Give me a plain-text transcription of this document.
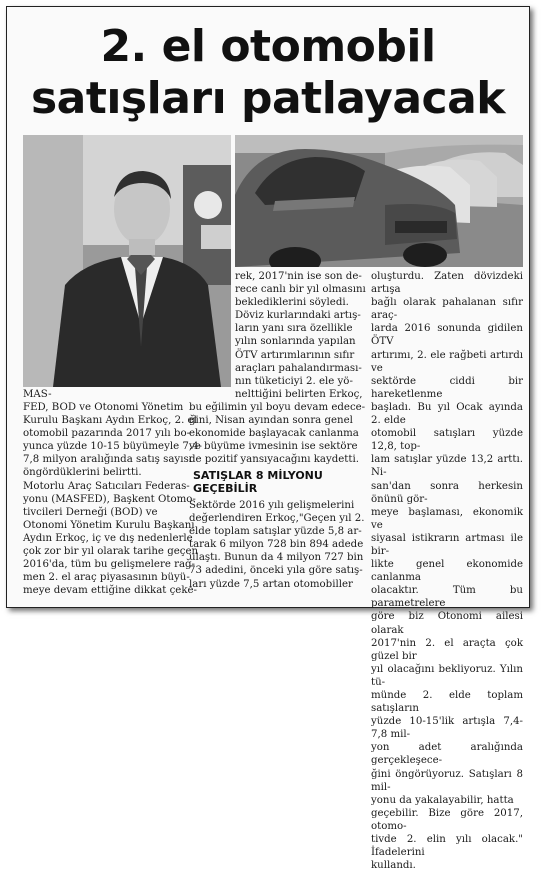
2. el otomobil
satışları patlayacak
MAS-
FED, BOD ve Otonomi Yönetim
Kurulu Başkanı Aydın Erkoç, 2. el
otomobil pazarında 2017 yılı bo-
yunca yüzde 10-15 büyümeyle 7,4-
7,8 milyon aralığında satış sayısı
öngördüklerini belirtti.
Motorlu Araç Satıcıları Federas-
yonu (MASFED), Başkent Otomo-
tivcileri Derneği (BOD) ve
Otonomi Yönetim Kurulu Başkanı
Aydın Erkoç, iç ve dış nedenlerle
çok zor bir yıl olarak tarihe geçen
2016'da, tüm bu gelişmelere rağ-
men 2. el araç piyasasının büyü-
meye devam ettiğine dikkat çeke-
rek, 2017'nin ise son de-
rece canlı bir yıl olmasını
beklediklerini söyledi.
Döviz kurlarındaki artış-
ların yanı sıra özellikle
yılın sonlarında yapılan
ÖTV artırımlarının sıfır
araçları pahalandırması-
nın tüketiciyi 2. ele yö-
nelttiğini belirten Erkoç,
bu eğilimin yıl boyu devam edece-
ğini, Nisan ayından sonra genel
ekonomide başlayacak canlanma
ve büyüme ivmesinin ise sektöre
de pozitif yansıyacağını kaydetti.
SATIŞLAR 8 MİLYONU
GEÇEBİLİR
Sektörde 2016 yılı gelişmelerini
değerlendiren Erkoç,"Geçen yıl 2.
elde toplam satışlar yüzde 5,8 ar-
tarak 6 milyon 728 bin 894 adede
ulaştı. Bunun da 4 milyon 727 bin
73 adedini, önceki yıla göre satış-
ları yüzde 7,5 artan otomobiller
oluşturdu. Zaten dövizdeki artışa
bağlı olarak pahalanan sıfır araç-
larda 2016 sonunda gidilen ÖTV
artırımı, 2. ele rağbeti artırdı ve
sektörde ciddi bir hareketlenme
başladı. Bu yıl Ocak ayında 2. elde
otomobil satışları yüzde 12,8, top-
lam satışlar yüzde 13,2 arttı. Ni-
san'dan sonra herkesin önünü gör-
meye başlaması, ekonomik ve
siyasal istikrarın artması ile bir-
likte genel ekonomide canlanma
olacaktır. Tüm bu parametrelere
göre biz Otonomi ailesi olarak
2017'nin 2. el araçta çok güzel bir
yıl olacağını bekliyoruz. Yılın tü-
münde 2. elde toplam satışların
yüzde 10-15'lik artışla 7,4-7,8 mil-
yon adet aralığında gerçekleşece-
ğini öngörüyoruz. Satışları 8 mil-
yonu da yakalayabilir, hatta
geçebilir. Bize göre 2017, otomo-
tivde 2. elin yılı olacak." İfadelerini
kullandı.
